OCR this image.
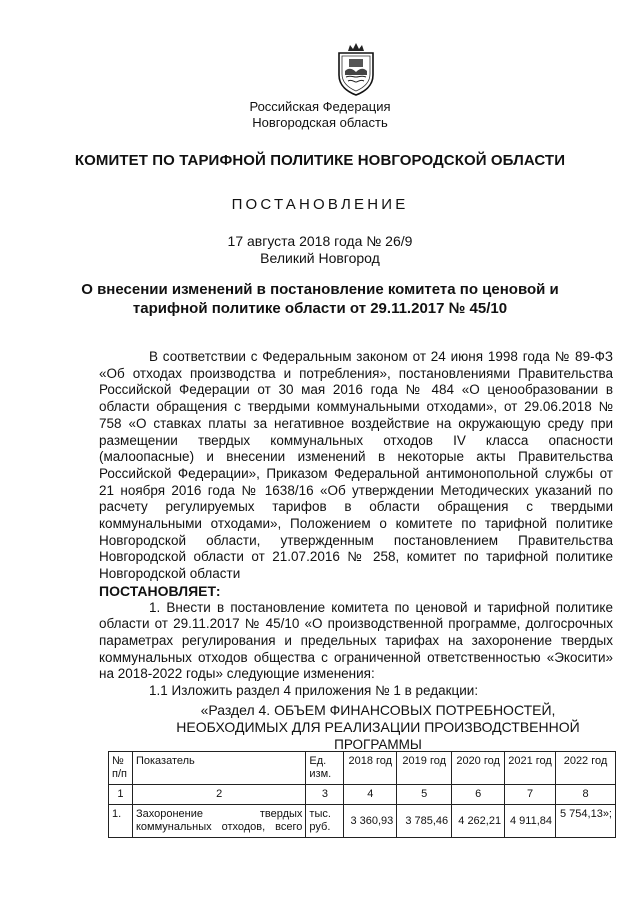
Российская Федерация
Новгородская область
КОМИТЕТ ПО ТАРИФНОЙ ПОЛИТИКЕ НОВГОРОДСКОЙ ОБЛАСТИ
ПОСТАНОВЛЕНИЕ
17 августа 2018 года № 26/9
Великий Новгород
О внесении изменений в постановление комитета по ценовой и
тарифной политике области от 29.11.2017 № 45/10

В соответствии с Федеральным законом от 24 июня 1998 года № 89-ФЗ «Об отходах производства и потребления», постановлениями Правительства Российской Федерации от 30 мая 2016 года № 484 «О ценообразовании в области обращения с твердыми коммунальными отходами», от 29.06.2018 № 758 «О ставках платы за негативное воздействие на окружающую среду при размещении твердых коммунальных отходов IV класса опасности (малоопасные) и внесении изменений в некоторые акты Правительства Российской Федерации», Приказом Федеральной антимонопольной службы от 21 ноября 2016 года № 1638/16 «Об утверждении Методических указаний по расчету регулируемых тарифов в области обращения с твердыми коммунальными отходами», Положением о комитете по тарифной политике Новгородской области, утвержденным постановлением Правительства Новгородской области от 21.07.2016 № 258, комитет по тарифной политике Новгородской области

ПОСТАНОВЛЯЕТ:

1. Внести в постановление комитета по ценовой и тарифной политике области от 29.11.2017 № 45/10 «О производственной программе, долгосрочных параметрах регулирования и предельных тарифах на захоронение твердых коммунальных отходов общества с ограниченной ответственностью «Экосити» на 2018-2022 годы» следующие изменения:

1.1 Изложить раздел 4 приложения № 1 в редакции:

«Раздел 4. ОБЪЕМ ФИНАНСОВЫХ ПОТРЕБНОСТЕЙ,
НЕОБХОДИМЫХ ДЛЯ РЕАЛИЗАЦИИ ПРОИЗВОДСТВЕННОЙ
ПРОГРАММЫ
№ п/п	Показатель	Ед. изм.	2018 год	2019 год	2020 год	2021 год	2022 год
1	2	3	4	5	6	7	8
1.	Захоронение твердых коммунальных отходов, всего	тыс. руб.	3 360,93	3 785,46	4 262,21	4 911,84	5 754,13»;
